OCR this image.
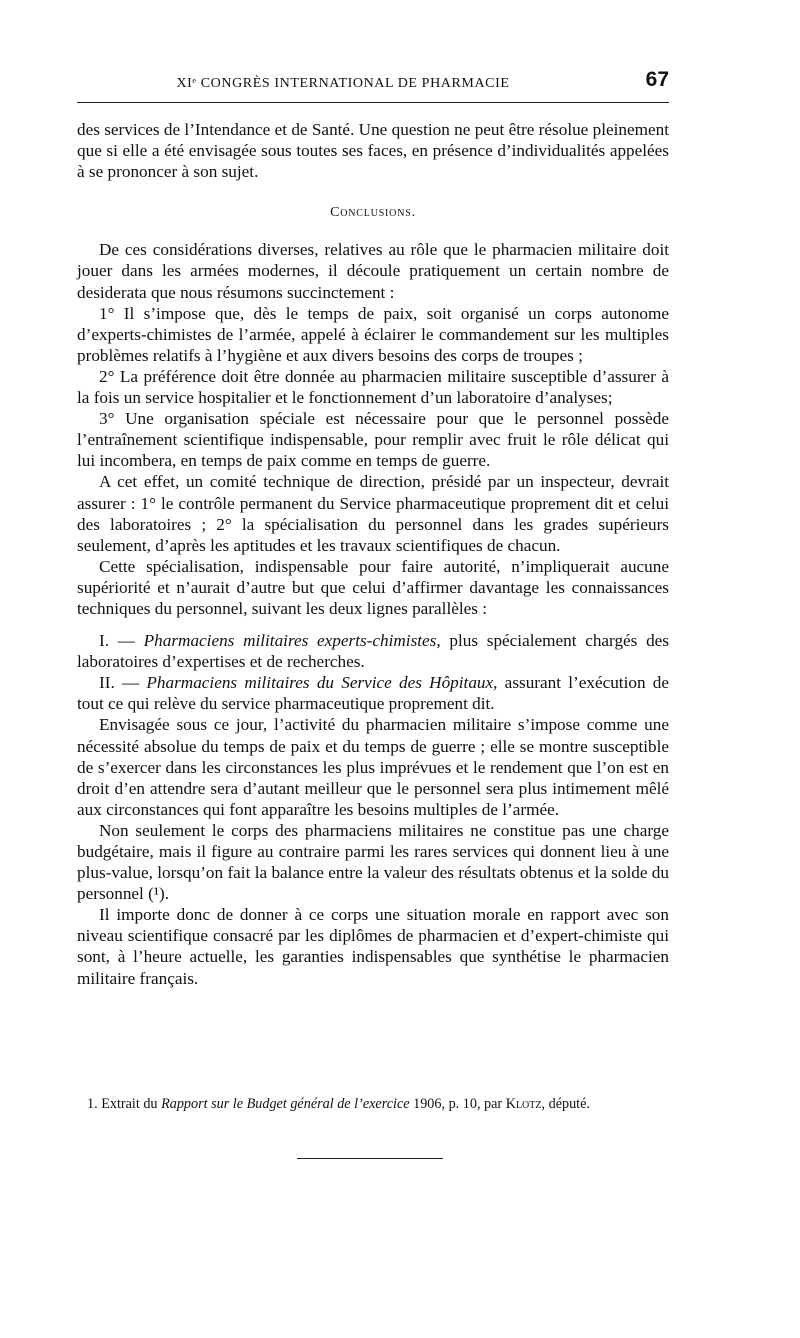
XIᵉ CONGRÈS INTERNATIONAL DE PHARMACIE	67

des services de l’Intendance et de Santé. Une question ne peut être résolue pleinement que si elle a été envisagée sous toutes ses faces, en présence d’individualités appelées à se prononcer à son sujet.

Conclusions.

De ces considérations diverses, relatives au rôle que le pharmacien militaire doit jouer dans les armées modernes, il découle pratiquement un certain nombre de desiderata que nous résumons succinctement :

1° Il s’impose que, dès le temps de paix, soit organisé un corps autonome d’experts-chimistes de l’armée, appelé à éclairer le commandement sur les multiples problèmes relatifs à l’hygiène et aux divers besoins des corps de troupes ;

2° La préférence doit être donnée au pharmacien militaire susceptible d’assurer à la fois un service hospitalier et le fonctionnement d’un laboratoire d’analyses;

3° Une organisation spéciale est nécessaire pour que le personnel possède l’entraînement scientifique indispensable, pour remplir avec fruit le rôle délicat qui lui incombera, en temps de paix comme en temps de guerre.

A cet effet, un comité technique de direction, présidé par un inspecteur, devrait assurer : 1° le contrôle permanent du Service pharmaceutique proprement dit et celui des laboratoires ; 2° la spécialisation du personnel dans les grades supérieurs seulement, d’après les aptitudes et les travaux scientifiques de chacun.

Cette spécialisation, indispensable pour faire autorité, n’impliquerait aucune supériorité et n’aurait d’autre but que celui d’affirmer davantage les connaissances techniques du personnel, suivant les deux lignes parallèles :

I. — Pharmaciens militaires experts-chimistes, plus spécialement chargés des laboratoires d’expertises et de recherches.

II. — Pharmaciens militaires du Service des Hôpitaux, assurant l’exécution de tout ce qui relève du service pharmaceutique proprement dit.

Envisagée sous ce jour, l’activité du pharmacien militaire s’impose comme une nécessité absolue du temps de paix et du temps de guerre ; elle se montre susceptible de s’exercer dans les circonstances les plus imprévues et le rendement que l’on est en droit d’en attendre sera d’autant meilleur que le personnel sera plus intimement mêlé aux circonstances qui font apparaître les besoins multiples de l’armée.

Non seulement le corps des pharmaciens militaires ne constitue pas une charge budgétaire, mais il figure au contraire parmi les rares services qui donnent lieu à une plus-value, lorsqu’on fait la balance entre la valeur des résultats obtenus et la solde du personnel (¹).

Il importe donc de donner à ce corps une situation morale en rapport avec son niveau scientifique consacré par les diplômes de pharmacien et d’expert-chimiste qui sont, à l’heure actuelle, les garanties indispensables que synthétise le pharmacien militaire français.

1. Extrait du Rapport sur le Budget général de l’exercice 1906, p. 10, par Klotz, député.
